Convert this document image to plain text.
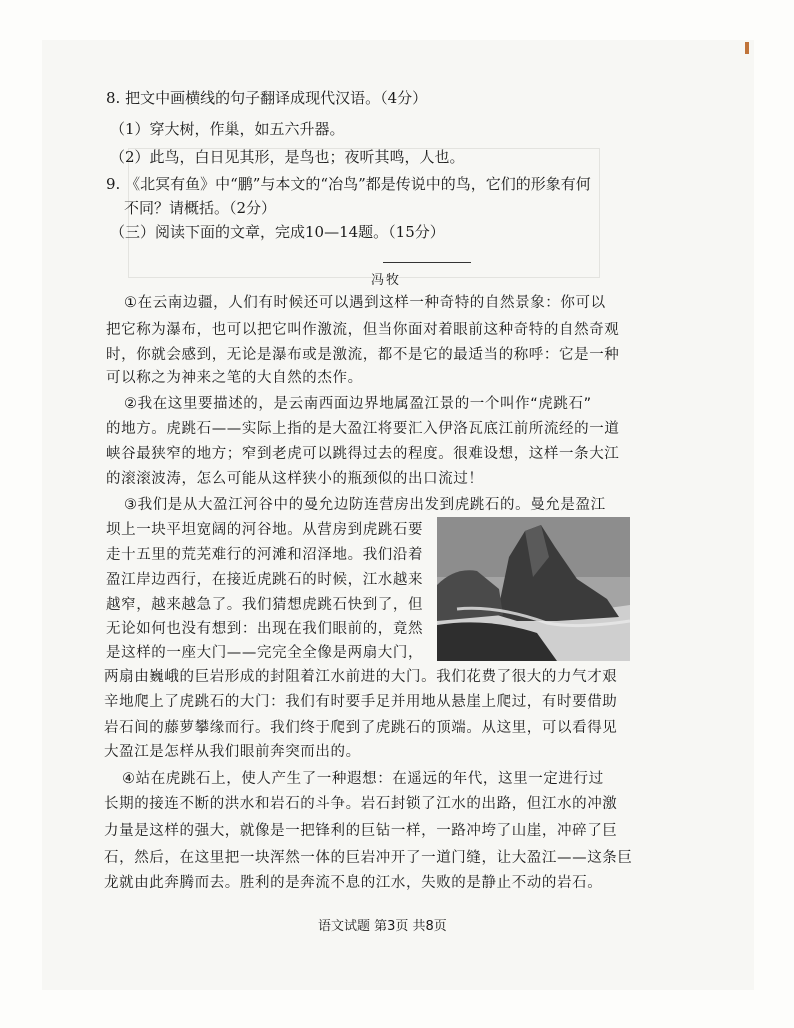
8. 把文中画横线的句子翻译成现代汉语。（4分）
（1）穿大树，作巢，如五六升器。
（2）此鸟，白日见其形，是鸟也；夜听其鸣，人也。
9. 《北冥有鱼》中“鹏”与本文的“冶鸟”都是传说中的鸟，它们的形象有何
不同？请概括。（2分）
（三）阅读下面的文章，完成10—14题。（15分）
冯牧
①在云南边疆，人们有时候还可以遇到这样一种奇特的自然景象：你可以
把它称为瀑布，也可以把它叫作激流，但当你面对着眼前这种奇特的自然奇观
时，你就会感到，无论是瀑布或是激流，都不是它的最适当的称呼：它是一种
可以称之为神来之笔的大自然的杰作。
②我在这里要描述的，是云南西面边界地属盈江景的一个叫作“虎跳石”
的地方。虎跳石——实际上指的是大盈江将要汇入伊洛瓦底江前所流经的一道
峡谷最狭窄的地方；窄到老虎可以跳得过去的程度。很难设想，这样一条大江
的滚滚波涛，怎么可能从这样狭小的瓶颈似的出口流过！
③我们是从大盈江河谷中的曼允边防连营房出发到虎跳石的。曼允是盈江
坝上一块平坦宽阔的河谷地。从营房到虎跳石要
走十五里的荒芜难行的河滩和沼泽地。我们沿着
盈江岸边西行，在接近虎跳石的时候，江水越来
越窄，越来越急了。我们猜想虎跳石快到了，但
无论如何也没有想到：出现在我们眼前的，竟然
是这样的一座大门——完完全全像是两扇大门，
两扇由巍峨的巨岩形成的封阻着江水前进的大门。我们花费了很大的力气才艰
辛地爬上了虎跳石的大门：我们有时要手足并用地从悬崖上爬过，有时要借助
岩石间的藤萝攀缘而行。我们终于爬到了虎跳石的顶端。从这里，可以看得见
大盈江是怎样从我们眼前奔突而出的。
④站在虎跳石上，使人产生了一种遐想：在遥远的年代，这里一定进行过
长期的接连不断的洪水和岩石的斗争。岩石封锁了江水的出路，但江水的冲激
力量是这样的强大，就像是一把锋利的巨钻一样，一路冲垮了山崖，冲碎了巨
石，然后，在这里把一块浑然一体的巨岩冲开了一道门缝，让大盈江——这条巨
龙就由此奔腾而去。胜利的是奔流不息的江水，失败的是静止不动的岩石。
语文试题 第3页 共8页
